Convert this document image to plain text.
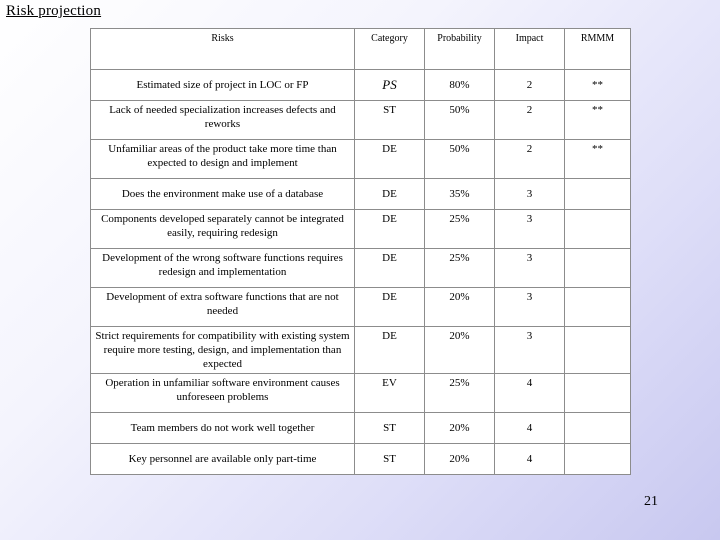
Risk projection
Risks	Category	Probability	Impact	RMMM
Estimated size of project in LOC or FP	PS	80%	2	**
Lack of needed specialization increases defects and reworks	ST	50%	2	**
Unfamiliar areas of the product take more time than expected to design and implement	DE	50%	2	**
Does the environment make use of a database	DE	35%	3	
Components developed separately cannot be integrated easily, requiring redesign	DE	25%	3	
Development of the wrong software functions requires redesign and implementation	DE	25%	3	
Development of extra software functions that are not needed	DE	20%	3	
Strict requirements for compatibility with existing system require more testing, design, and implementation than expected	DE	20%	3	
Operation in unfamiliar software environment causes unforeseen problems	EV	25%	4	
Team members do not work well together	ST	20%	4	
Key personnel are available only part-time	ST	20%	4	
21
